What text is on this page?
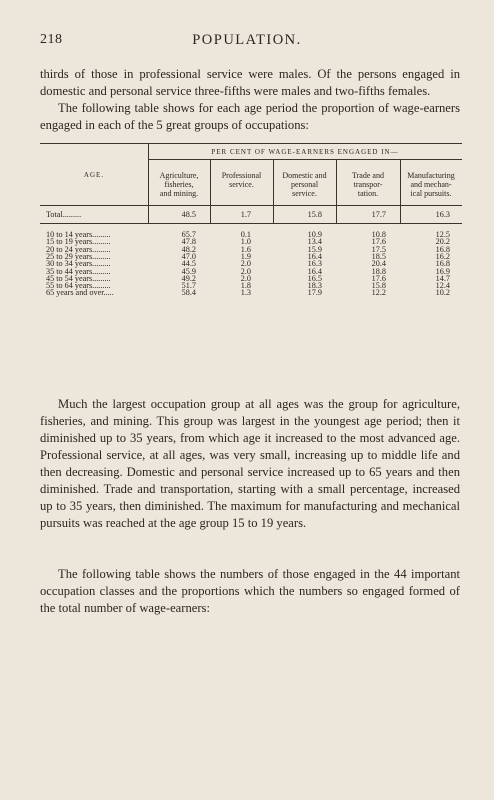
218	POPULATION.

thirds of those in professional service were males. Of the persons engaged in domestic and personal service three-fifths were males and two-fifths females.

The following table shows for each age period the proportion of wage-earners engaged in each of the 5 great groups of occupations:

AGE.
PER CENT OF WAGE-EARNERS ENGAGED IN—
Agriculture,
fisheries,
and mining.
Professional
service.
Domestic and
personal
service.
Trade and
transpor-
tation.
Manufacturing
and mechan-
ical pursuits.
Total.........	48.5	1.7	15.8	17.7	16.3
10 to 14 years.........	65.7	0.1	10.9	10.8	12.5
15 to 19 years.........	47.8	1.0	13.4	17.6	20.2
20 to 24 years.........	48.2	1.6	15.9	17.5	16.8
25 to 29 years.........	47.0	1.9	16.4	18.5	16.2
30 to 34 years.........	44.5	2.0	16.3	20.4	16.8
35 to 44 years.........	45.9	2.0	16.4	18.8	16.9
45 to 54 years.........	49.2	2.0	16.5	17.6	14.7
55 to 64 years.........	51.7	1.8	18.3	15.8	12.4
65 years and over.....	58.4	1.3	17.9	12.2	10.2

Much the largest occupation group at all ages was the group for agriculture, fisheries, and mining. This group was largest in the youngest age period; then it diminished up to 35 years, from which age it increased to the most advanced age. Professional service, at all ages, was very small, increasing up to middle life and then decreasing. Domestic and personal service increased up to 65 years and then diminished. Trade and transportation, starting with a small percentage, increased up to 35 years, then diminished. The maximum for manufacturing and mechanical pursuits was reached at the age group 15 to 19 years.

The following table shows the numbers of those engaged in the 44 important occupation classes and the proportions which the numbers so engaged formed of the total number of wage-earners:
